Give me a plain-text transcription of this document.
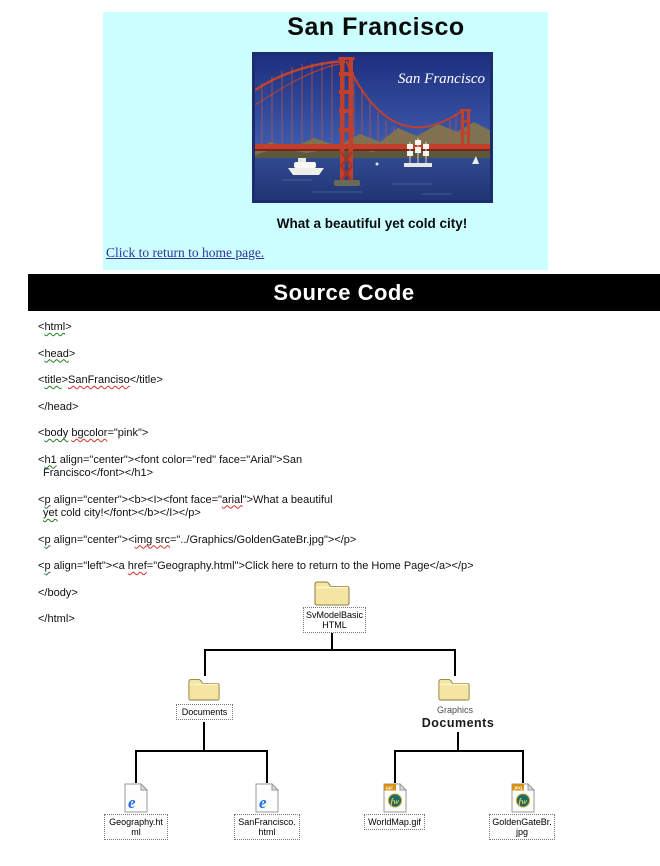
San Francisco
San Francisco
What a beautiful yet cold city!
Click to return to home page.
Source Code
<html>
<head>
<title>SanFranciso</title>
</head>
<body bgcolor="pink">
<h1 align="center"><font color="red" face="Arial">San
Francisco</font></h1>
<p align="center"><b><I><font face="arial">What a beautiful
yet cold city!</font></b></I></p>
<p align="center"><img src="../Graphics/GoldenGateBr.jpg"></p>
<p align="left"><a href="Geography.html">Click here to return to the Home Page</a></p>
</body>
</html>	SvModelBasic
HTML
Documents	Graphics
Documents
e
Geography.ht
ml
e
SanFrancisco.
html
GIF
fw
WorldMap.gif
JPG
fw
GoldenGateBr.
jpg
